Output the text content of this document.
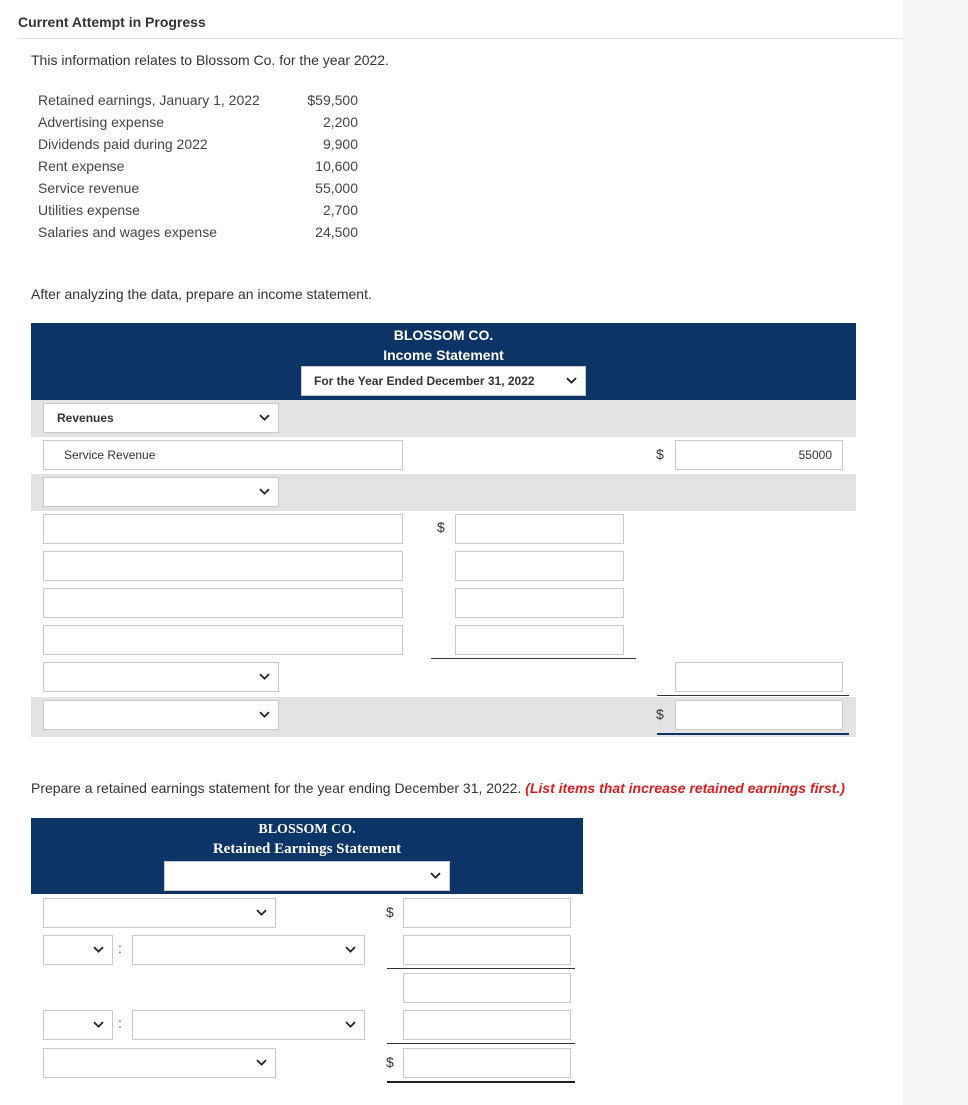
Current Attempt in Progress
This information relates to Blossom Co. for the year 2022.
Retained earnings, January 1, 2022	$59,500
Advertising expense	2,200
Dividends paid during 2022	9,900
Rent expense	10,600
Service revenue	55,000
Utilities expense	2,700
Salaries and wages expense	24,500
After analyzing the data, prepare an income statement.
BLOSSOM CO.
Income Statement
For the Year Ended December 31, 2022
Revenues
Service Revenue	$	55000
$
$
Prepare a retained earnings statement for the year ending December 31, 2022. (List items that increase retained earnings first.)
BLOSSOM CO.
Retained Earnings Statement
$
:
:
$
